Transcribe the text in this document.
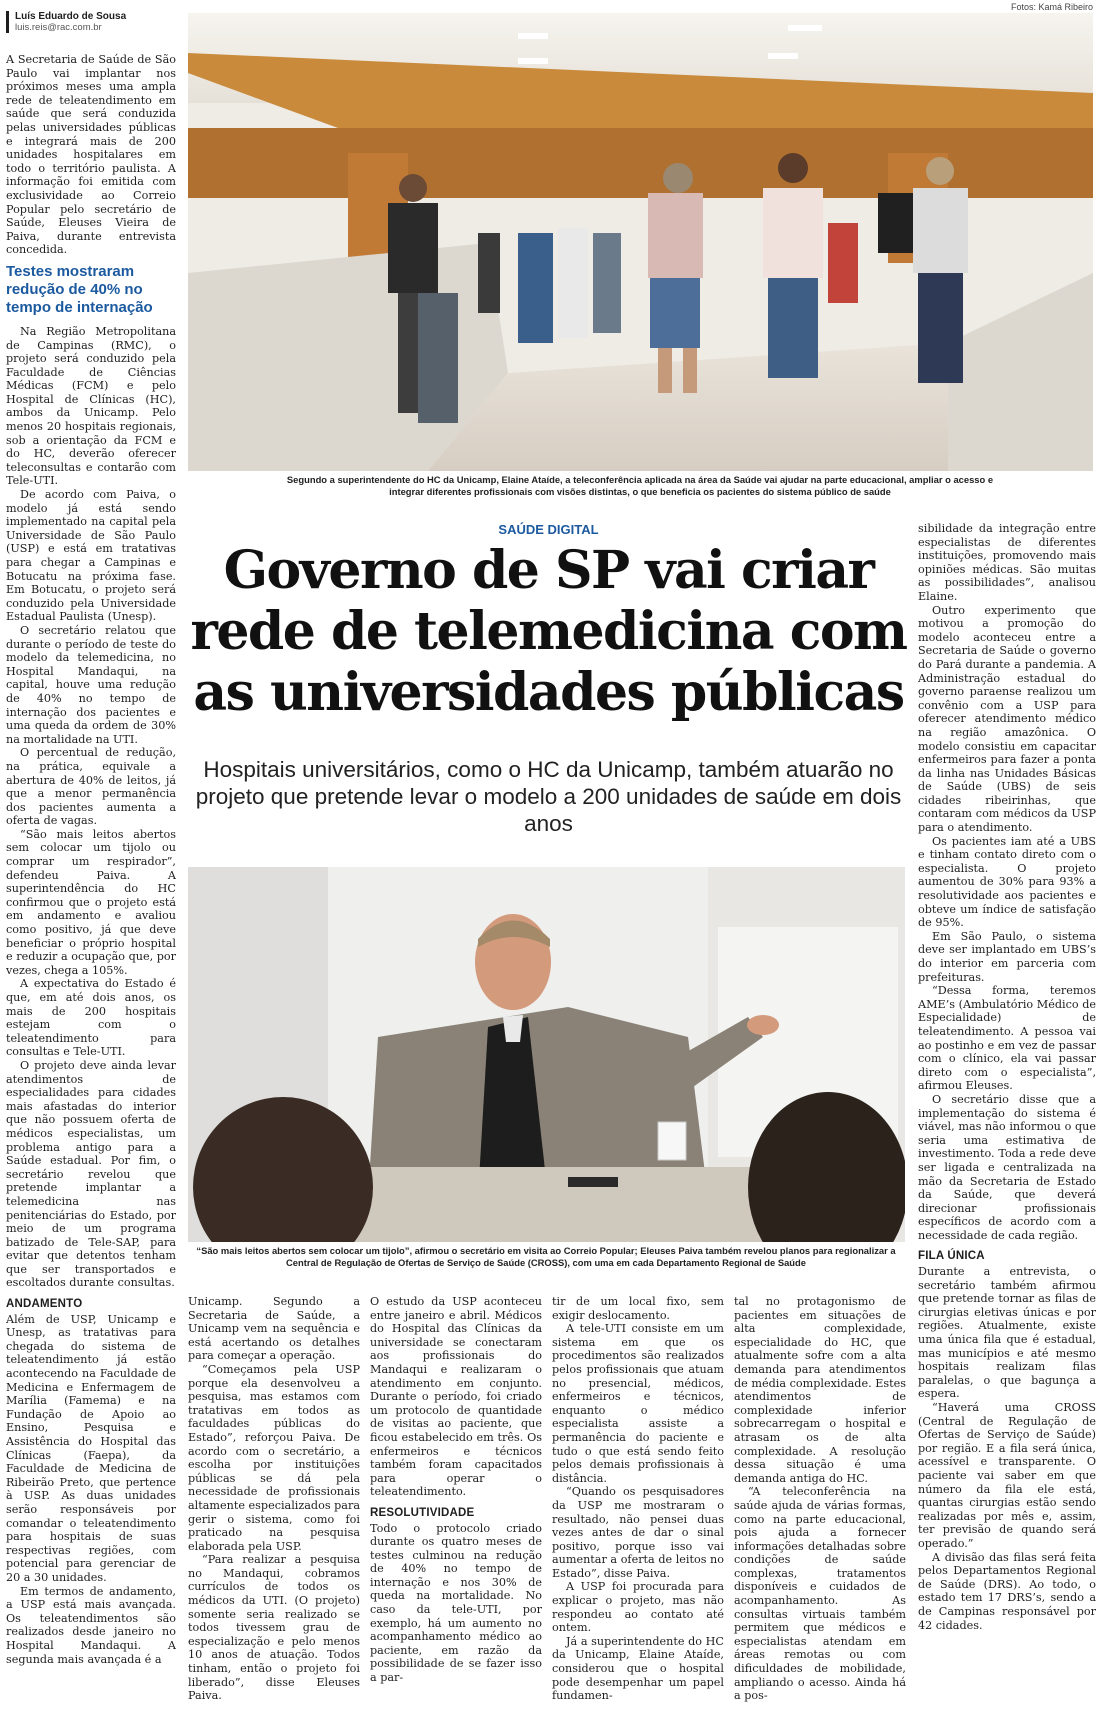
Luís Eduardo de Sousa
luis.reis@rac.com.br
Fotos: Kamá Ribeiro

A Secretaria de Saúde de São Paulo vai implantar nos próximos meses uma ampla rede de teleatendimento em saúde que será conduzida pelas universidades públicas e integrará mais de 200 unidades hospitalares em todo o território paulista. A informação foi emitida com exclusividade ao Correio Popular pelo secretário de Saúde, Eleuses Vieira de Paiva, durante entrevista concedida.

Testes mostraram redução de 40% no tempo de internação

Na Região Metropolitana de Campinas (RMC), o projeto será conduzido pela Faculdade de Ciências Médicas (FCM) e pelo Hospital de Clínicas (HC), ambos da Unicamp. Pelo menos 20 hospitais regionais, sob a orientação da FCM e do HC, deverão oferecer teleconsultas e contarão com Tele-UTI.

De acordo com Paiva, o modelo já está sendo implementado na capital pela Universidade de São Paulo (USP) e está em tratativas para chegar a Campinas e Botucatu na próxima fase. Em Botucatu, o projeto será conduzido pela Universidade Estadual Paulista (Unesp).

O secretário relatou que durante o período de teste do modelo da telemedicina, no Hospital Mandaqui, na capital, houve uma redução de 40% no tempo de internação dos pacientes e uma queda da ordem de 30% na mortalidade na UTI.

O percentual de redução, na prática, equivale a abertura de 40% de leitos, já que a menor permanência dos pacientes aumenta a oferta de vagas.

“São mais leitos abertos sem colocar um tijolo ou comprar um respirador”, defendeu Paiva. A superintendência do HC confirmou que o projeto está em andamento e avaliou como positivo, já que deve beneficiar o próprio hospital e reduzir a ocupação que, por vezes, chega a 105%.

A expectativa do Estado é que, em até dois anos, os mais de 200 hospitais estejam com o teleatendimento para consultas e Tele-UTI.

O projeto deve ainda levar atendimentos de especialidades para cidades mais afastadas do interior que não possuem oferta de médicos especialistas, um problema antigo para a Saúde estadual. Por fim, o secretário revelou que pretende implantar a telemedicina nas penitenciárias do Estado, por meio de um programa batizado de Tele-SAP, para evitar que detentos tenham que ser transportados e escoltados durante consultas.

ANDAMENTO

Além de USP, Unicamp e Unesp, as tratativas para chegada do sistema de teleatendimento já estão acontecendo na Faculdade de Medicina e Enfermagem de Marília (Famema) e na Fundação de Apoio ao Ensino, Pesquisa e Assistência do Hospital das Clínicas (Faepa), da Faculdade de Medicina de Ribeirão Preto, que pertence à USP. As duas unidades serão responsáveis por comandar o teleatendimento para hospitais de suas respectivas regiões, com potencial para gerenciar de 20 a 30 unidades.

Em termos de andamento, a USP está mais avançada. Os teleatendimentos são realizados desde janeiro no Hospital Mandaqui. A segunda mais avançada é a

Segundo a superintendente do HC da Unicamp, Elaine Ataíde, a teleconferência aplicada na área da Saúde vai ajudar na parte educacional, ampliar o acesso e integrar diferentes profissionais com visões distintas, o que beneficia os pacientes do sistema público de saúde
SAÚDE DIGITAL
Governo de SP vai criar rede de telemedicina com as universidades públicas
Hospitais universitários, como o HC da Unicamp, também atuarão no projeto que pretende levar o modelo a 200 unidades de saúde em dois anos
“São mais leitos abertos sem colocar um tijolo”, afirmou o secretário em visita ao Correio Popular; Eleuses Paiva também revelou planos para regionalizar a Central de Regulação de Ofertas de Serviço de Saúde (CROSS), com uma em cada Departamento Regional de Saúde

Unicamp. Segundo a Secretaria de Saúde, a Unicamp vem na sequência e está acertando os detalhes para começar a operação.

“Começamos pela USP porque ela desenvolveu a pesquisa, mas estamos com tratativas em todos as faculdades públicas do Estado”, reforçou Paiva. De acordo com o secretário, a escolha por instituições públicas se dá pela necessidade de profissionais altamente especializados para gerir o sistema, como foi praticado na pesquisa elaborada pela USP.

“Para realizar a pesquisa no Mandaqui, cobramos currículos de todos os médicos da UTI. (O projeto) somente seria realizado se todos tivessem grau de especialização e pelo menos 10 anos de atuação. Todos tinham, então o projeto foi liberado”, disse Eleuses Paiva.

O estudo da USP aconteceu entre janeiro e abril. Médicos do Hospital das Clínicas da universidade se conectaram aos profissionais do Mandaqui e realizaram o atendimento em conjunto. Durante o período, foi criado um protocolo de quantidade de visitas ao paciente, que ficou estabelecido em três. Os enfermeiros e técnicos também foram capacitados para operar o teleatendimento.

RESOLUTIVIDADE

Todo o protocolo criado durante os quatro meses de testes culminou na redução de 40% no tempo de internação e nos 30% de queda na mortalidade. No caso da tele-UTI, por exemplo, há um aumento no acompanhamento médico ao paciente, em razão da possibilidade de se fazer isso a par-

tir de um local fixo, sem exigir deslocamento.

A tele-UTI consiste em um sistema em que os procedimentos são realizados pelos profissionais que atuam no presencial, médicos, enfermeiros e técnicos, enquanto o médico especialista assiste a permanência do paciente e tudo o que está sendo feito pelos demais profissionais à distância.

“Quando os pesquisadores da USP me mostraram o resultado, não pensei duas vezes antes de dar o sinal positivo, porque isso vai aumentar a oferta de leitos no Estado”, disse Paiva.

A USP foi procurada para explicar o projeto, mas não respondeu ao contato até ontem.

Já a superintendente do HC da Unicamp, Elaine Ataíde, considerou que o hospital pode desempenhar um papel fundamen-

tal no protagonismo de pacientes em situações de alta complexidade, especialidade do HC, que atualmente sofre com a alta demanda para atendimentos de média complexidade. Estes atendimentos de complexidade inferior sobrecarregam o hospital e atrasam os de alta complexidade. A resolução dessa situação é uma demanda antiga do HC.

“A teleconferência na saúde ajuda de várias formas, como na parte educacional, pois ajuda a fornecer informações detalhadas sobre condições de saúde complexas, tratamentos disponíveis e cuidados de acompanhamento. As consultas virtuais também permitem que médicos e especialistas atendam em áreas remotas ou com dificuldades de mobilidade, ampliando o acesso. Ainda há a pos-

sibilidade da integração entre especialistas de diferentes instituições, promovendo mais opiniões médicas. São muitas as possibilidades”, analisou Elaine.

Outro experimento que motivou a promoção do modelo aconteceu entre a Secretaria de Saúde o governo do Pará durante a pandemia. A Administração estadual do governo paraense realizou um convênio com a USP para oferecer atendimento médico na região amazônica. O modelo consistiu em capacitar enfermeiros para fazer a ponta da linha nas Unidades Básicas de Saúde (UBS) de seis cidades ribeirinhas, que contaram com médicos da USP para o atendimento.

Os pacientes iam até a UBS e tinham contato direto com o especialista. O projeto aumentou de 30% para 93% a resolutividade aos pacientes e obteve um índice de satisfação de 95%.

Em São Paulo, o sistema deve ser implantado em UBS’s do interior em parceria com prefeituras.

“Dessa forma, teremos AME’s (Ambulatório Médico de Especialidade) de teleatendimento. A pessoa vai ao postinho e em vez de passar com o clínico, ela vai passar direto com o especialista”, afirmou Eleuses.

O secretário disse que a implementação do sistema é viável, mas não informou o que seria uma estimativa de investimento. Toda a rede deve ser ligada e centralizada na mão da Secretaria de Estado da Saúde, que deverá direcionar profissionais específicos de acordo com a necessidade de cada região.

FILA ÚNICA

Durante a entrevista, o secretário também afirmou que pretende tornar as filas de cirurgias eletivas únicas e por regiões. Atualmente, existe uma única fila que é estadual, mas municípios e até mesmo hospitais realizam filas paralelas, o que bagunça a espera.

“Haverá uma CROSS (Central de Regulação de Ofertas de Serviço de Saúde) por região. E a fila será única, acessível e transparente. O paciente vai saber em que número da fila ele está, quantas cirurgias estão sendo realizadas por mês e, assim, ter previsão de quando será operado.”

A divisão das filas será feita pelos Departamentos Regional de Saúde (DRS). Ao todo, o estado tem 17 DRS’s, sendo a de Campinas responsável por 42 cidades.
